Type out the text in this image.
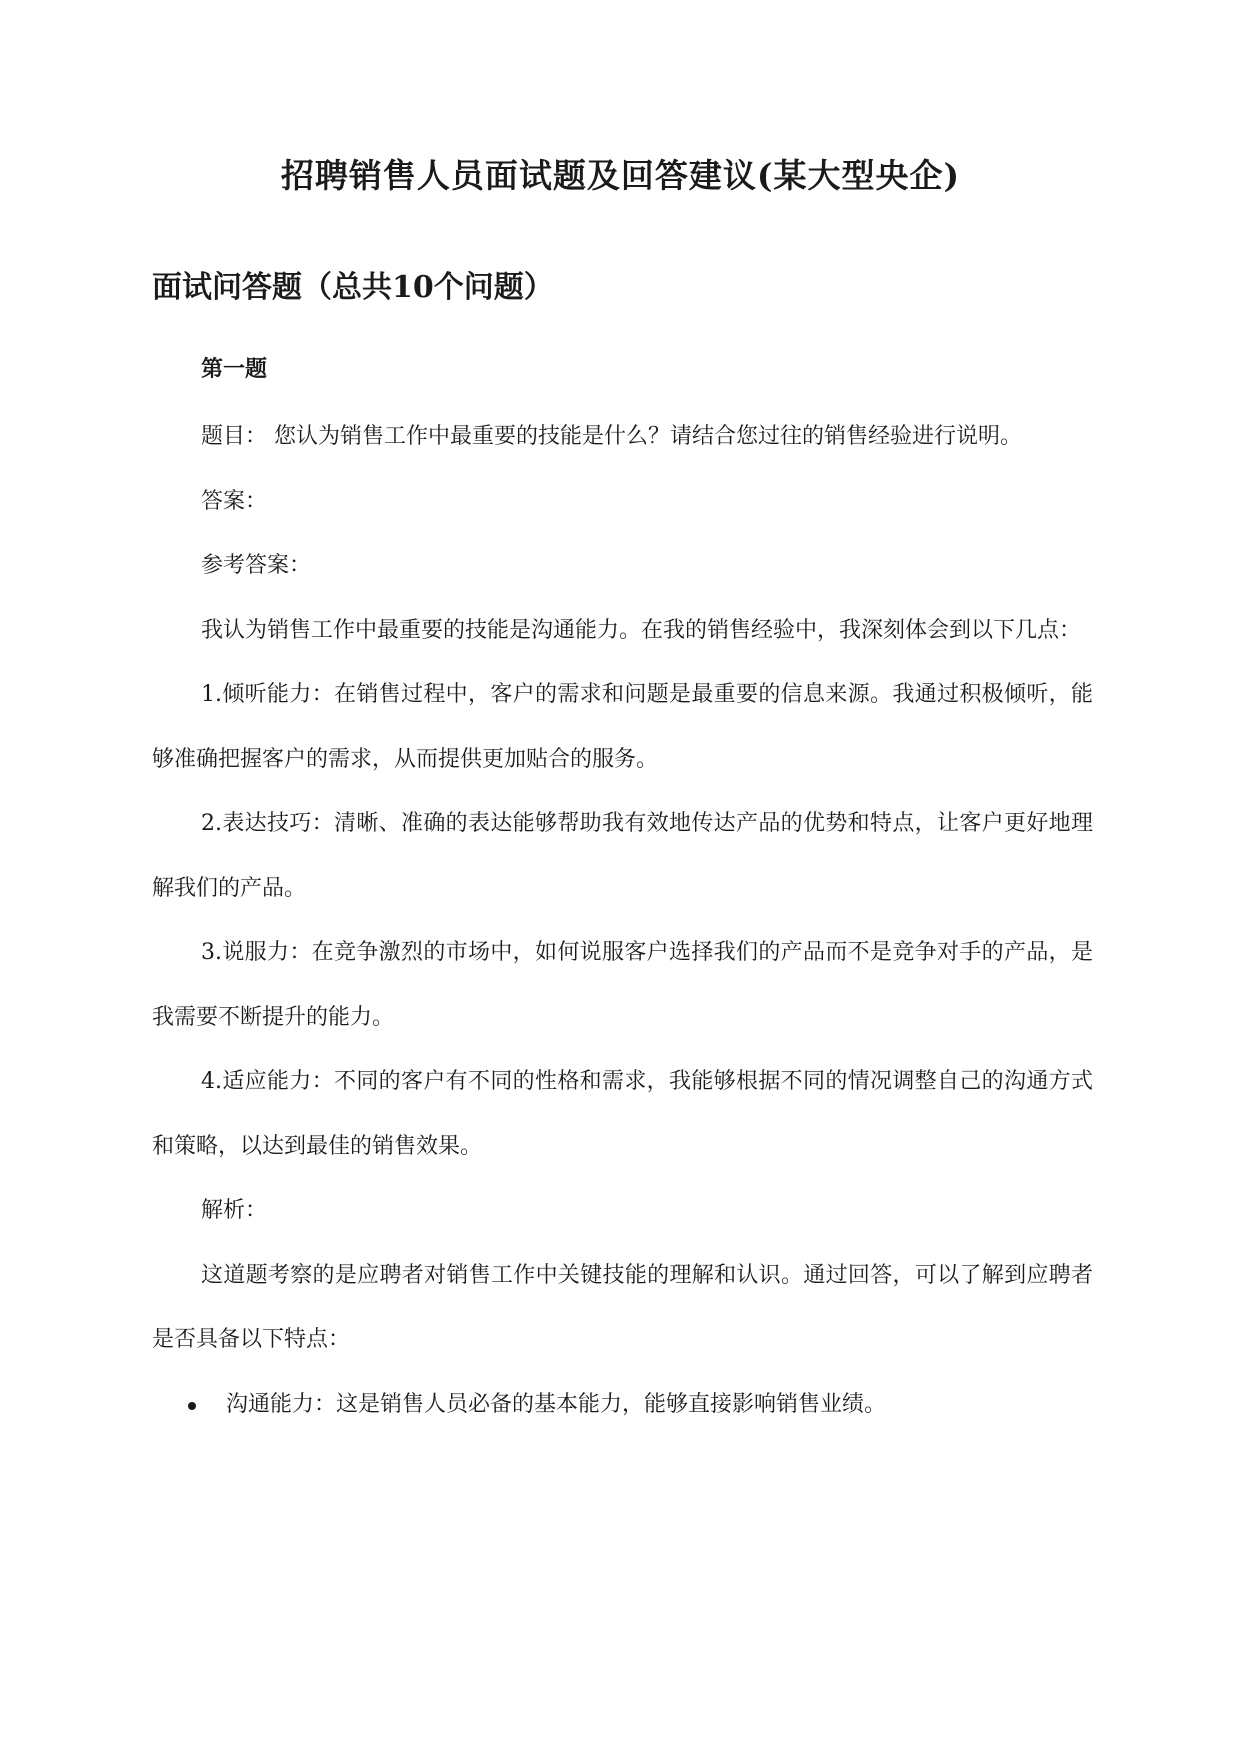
招聘销售人员面试题及回答建议(某大型央企)
面试问答题（总共10个问题）
第一题

题目： 您认为销售工作中最重要的技能是什么？请结合您过往的销售经验进行说明。

答案：

参考答案：

我认为销售工作中最重要的技能是沟通能力。在我的销售经验中，我深刻体会到以下几点：

1.倾听能力：在销售过程中，客户的需求和问题是最重要的信息来源。我通过积极倾听，能够准确把握客户的需求，从而提供更加贴合的服务。

2.表达技巧：清晰、准确的表达能够帮助我有效地传达产品的优势和特点，让客户更好地理解我们的产品。

3.说服力：在竞争激烈的市场中，如何说服客户选择我们的产品而不是竞争对手的产品，是我需要不断提升的能力。

4.适应能力：不同的客户有不同的性格和需求，我能够根据不同的情况调整自己的沟通方式和策略，以达到最佳的销售效果。

解析：

这道题考察的是应聘者对销售工作中关键技能的理解和认识。通过回答，可以了解到应聘者是否具备以下特点：

沟通能力：这是销售人员必备的基本能力，能够直接影响销售业绩。
